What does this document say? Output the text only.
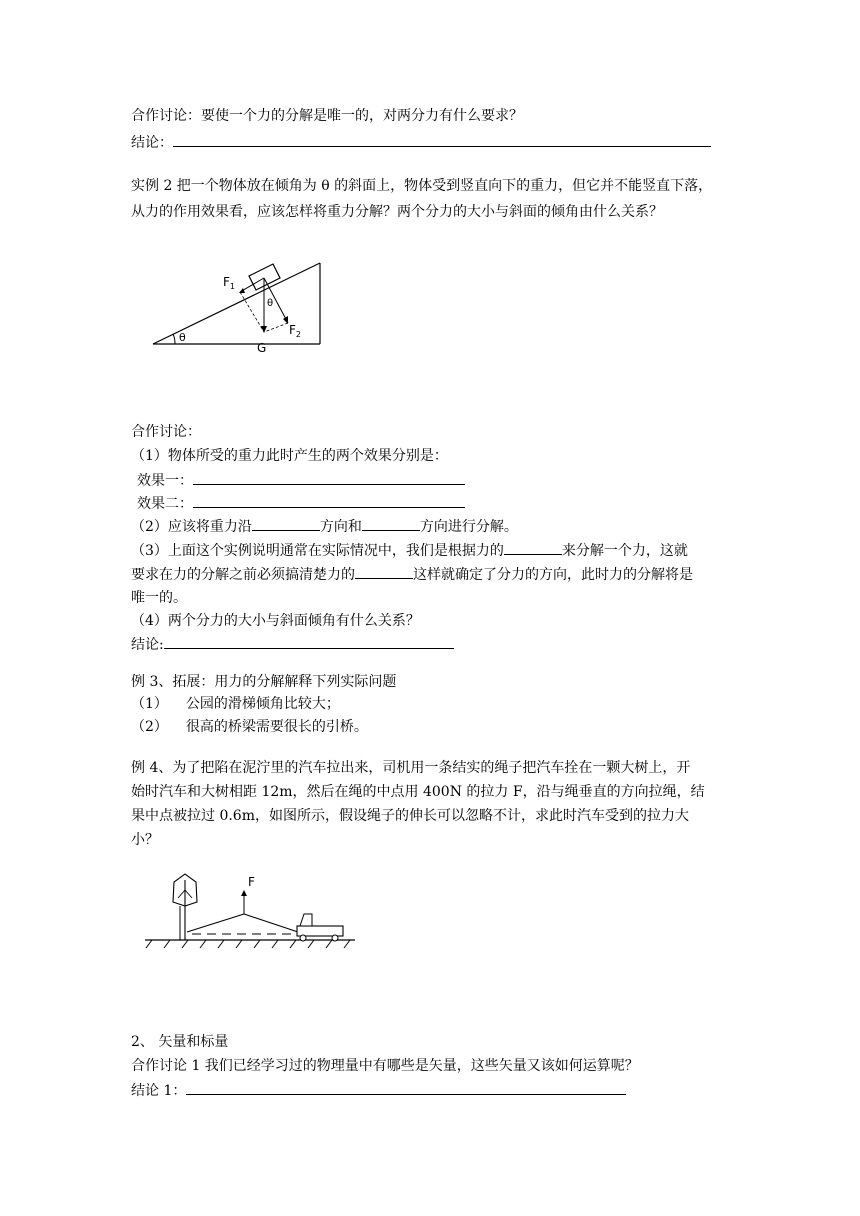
合作讨论：要使一个力的分解是唯一的，对两分力有什么要求？
结论：
实例 2 把一个物体放在倾角为 θ 的斜面上，物体受到竖直向下的重力，但它并不能竖直下落，
从力的作用效果看，应该怎样将重力分解？两个分力的大小与斜面的倾角由什么关系？
θ
θ
$F_1$
$F_2$
G
合作讨论：
（1）物体所受的重力此时产生的两个效果分别是：
效果一：
效果二：
（2）应该将重力沿	方向和	方向进行分解。
（3）上面这个实例说明通常在实际情况中，我们是根据力的	来分解一个力，这就
要求在力的分解之前必须搞清楚力的	这样就确定了分力的方向，此时力的分解将是
唯一的。
（4）两个分力的大小与斜面倾角有什么关系？
结论:
例 3、拓展：用力的分解解释下列实际问题
（1） 公园的滑梯倾角比较大；
（2） 很高的桥梁需要很长的引桥。
例 4、为了把陷在泥泞里的汽车拉出来，司机用一条结实的绳子把汽车拴在一颗大树上，开
始时汽车和大树相距 12m，然后在绳的中点用 400N 的拉力 F，沿与绳垂直的方向拉绳，结
果中点被拉过 0.6m，如图所示，假设绳子的伸长可以忽略不计，求此时汽车受到的拉力大
小？
F
2、 矢量和标量
合作讨论 1 我们已经学习过的物理量中有哪些是矢量，这些矢量又该如何运算呢？
结论 1：
